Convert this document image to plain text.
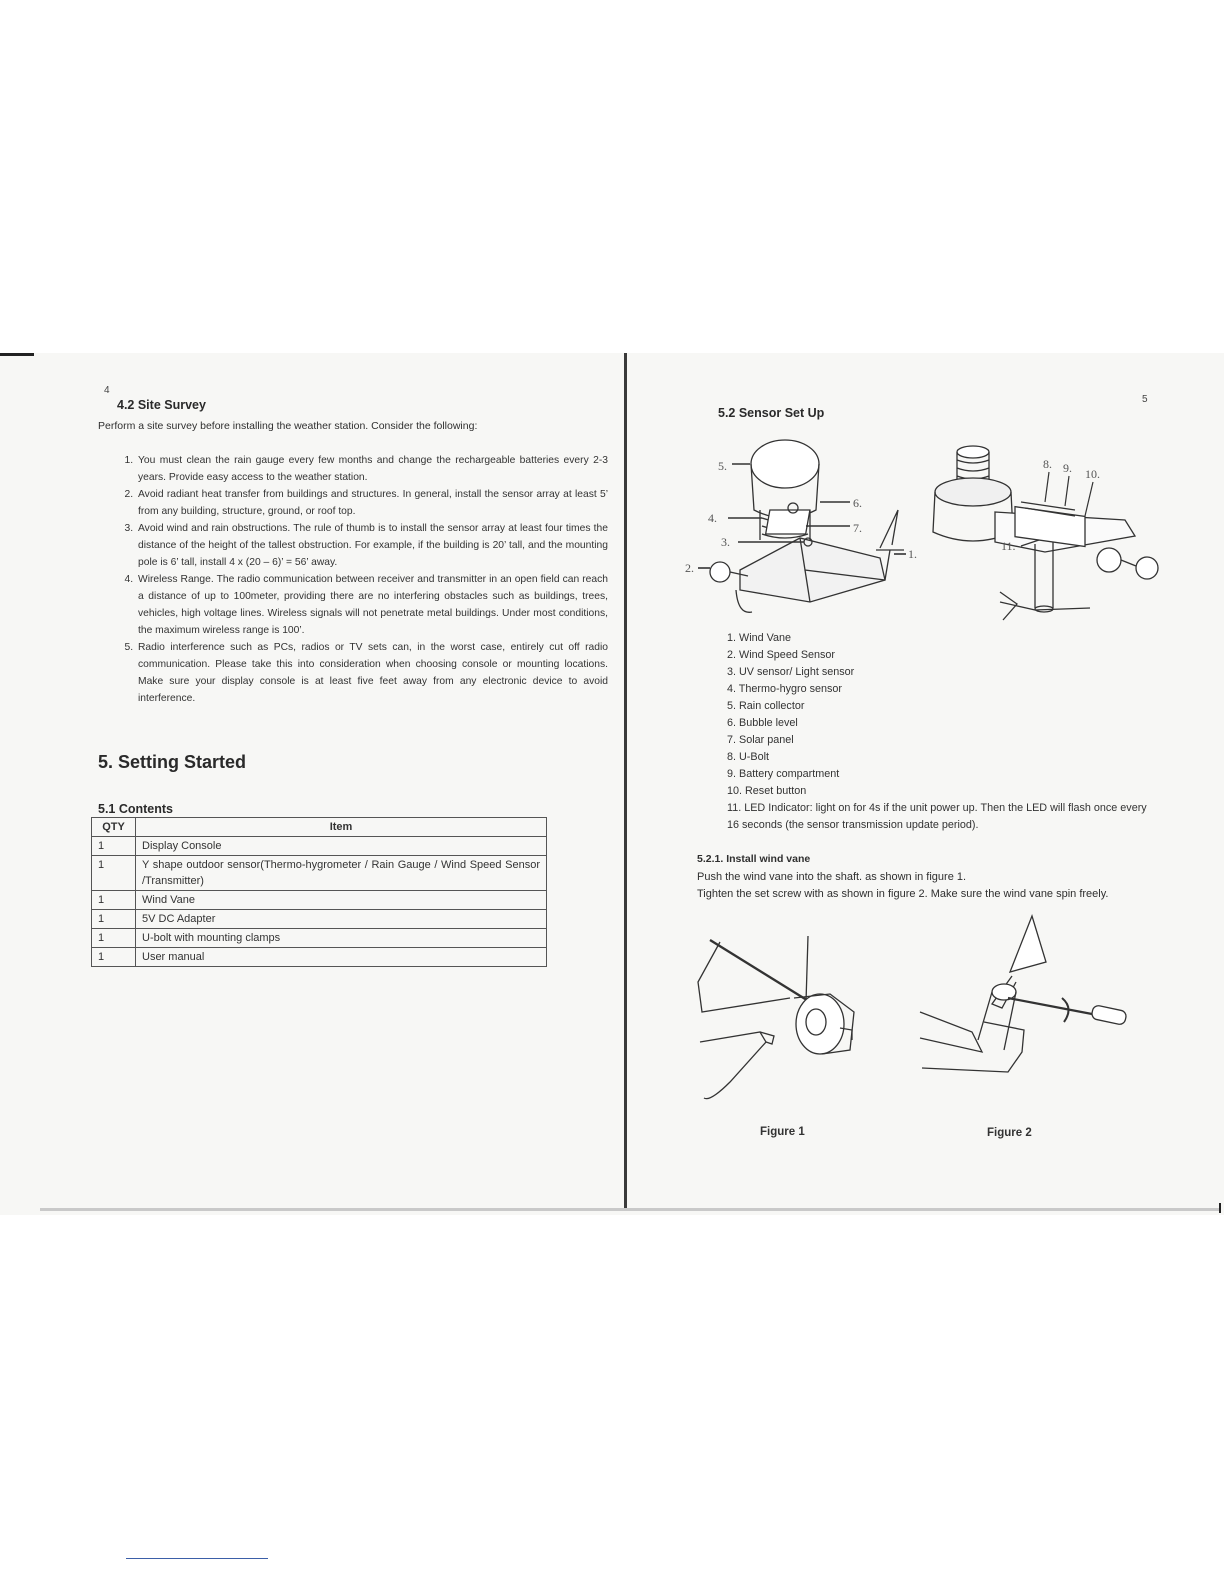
4
4.2 Site Survey

Perform a site survey before installing the weather station. Consider the following:

1. You must clean the rain gauge every few months and change the rechargeable batteries every 2-3 years. Provide easy access to the weather station.
2. Avoid radiant heat transfer from buildings and structures. In general, install the sensor array at least 5’ from any building, structure, ground, or roof top.
3. Avoid wind and rain obstructions. The rule of thumb is to install the sensor array at least four times the distance of the height of the tallest obstruction. For example, if the building is 20’ tall, and the mounting pole is 6’ tall, install 4 x (20 – 6)’ = 56’ away.
4. Wireless Range. The radio communication between receiver and transmitter in an open field can reach a distance of up to 100meter, providing there are no interfering obstacles such as buildings, trees, vehicles, high voltage lines. Wireless signals will not penetrate metal buildings. Under most conditions, the maximum wireless range is 100’.
5. Radio interference such as PCs, radios or TV sets can, in the worst case, entirely cut off radio communication. Please take this into consideration when choosing console or mounting locations. Make sure your display console is at least five feet away from any electronic device to avoid interference.
5. Setting Started
5.1 Contents
QTY	Item
1	Display Console
1	Y shape outdoor sensor(Thermo-hygrometer / Rain Gauge / Wind Speed Sensor /Transmitter)
1	Wind Vane
1	5V DC Adapter
1	U-bolt with mounting clamps
1	User manual
5
5.2 Sensor Set Up
5.
4.
3.
2.
6.
7.
1.
8. 9. 10.
11.
1. Wind Vane
2. Wind Speed Sensor
3. UV sensor/ Light sensor
4. Thermo-hygro sensor
5. Rain collector
6. Bubble level
7. Solar panel
8. U-Bolt
9. Battery compartment
10. Reset button
11. LED Indicator: light on for 4s if the unit power up. Then the LED will flash once every 16 seconds (the sensor transmission update period).

5.2.1. Install wind vane

Push the wind vane into the shaft. as shown in figure 1.

Tighten the set screw with as shown in figure 2. Make sure the wind vane spin freely.

Figure 1	Figure 2
